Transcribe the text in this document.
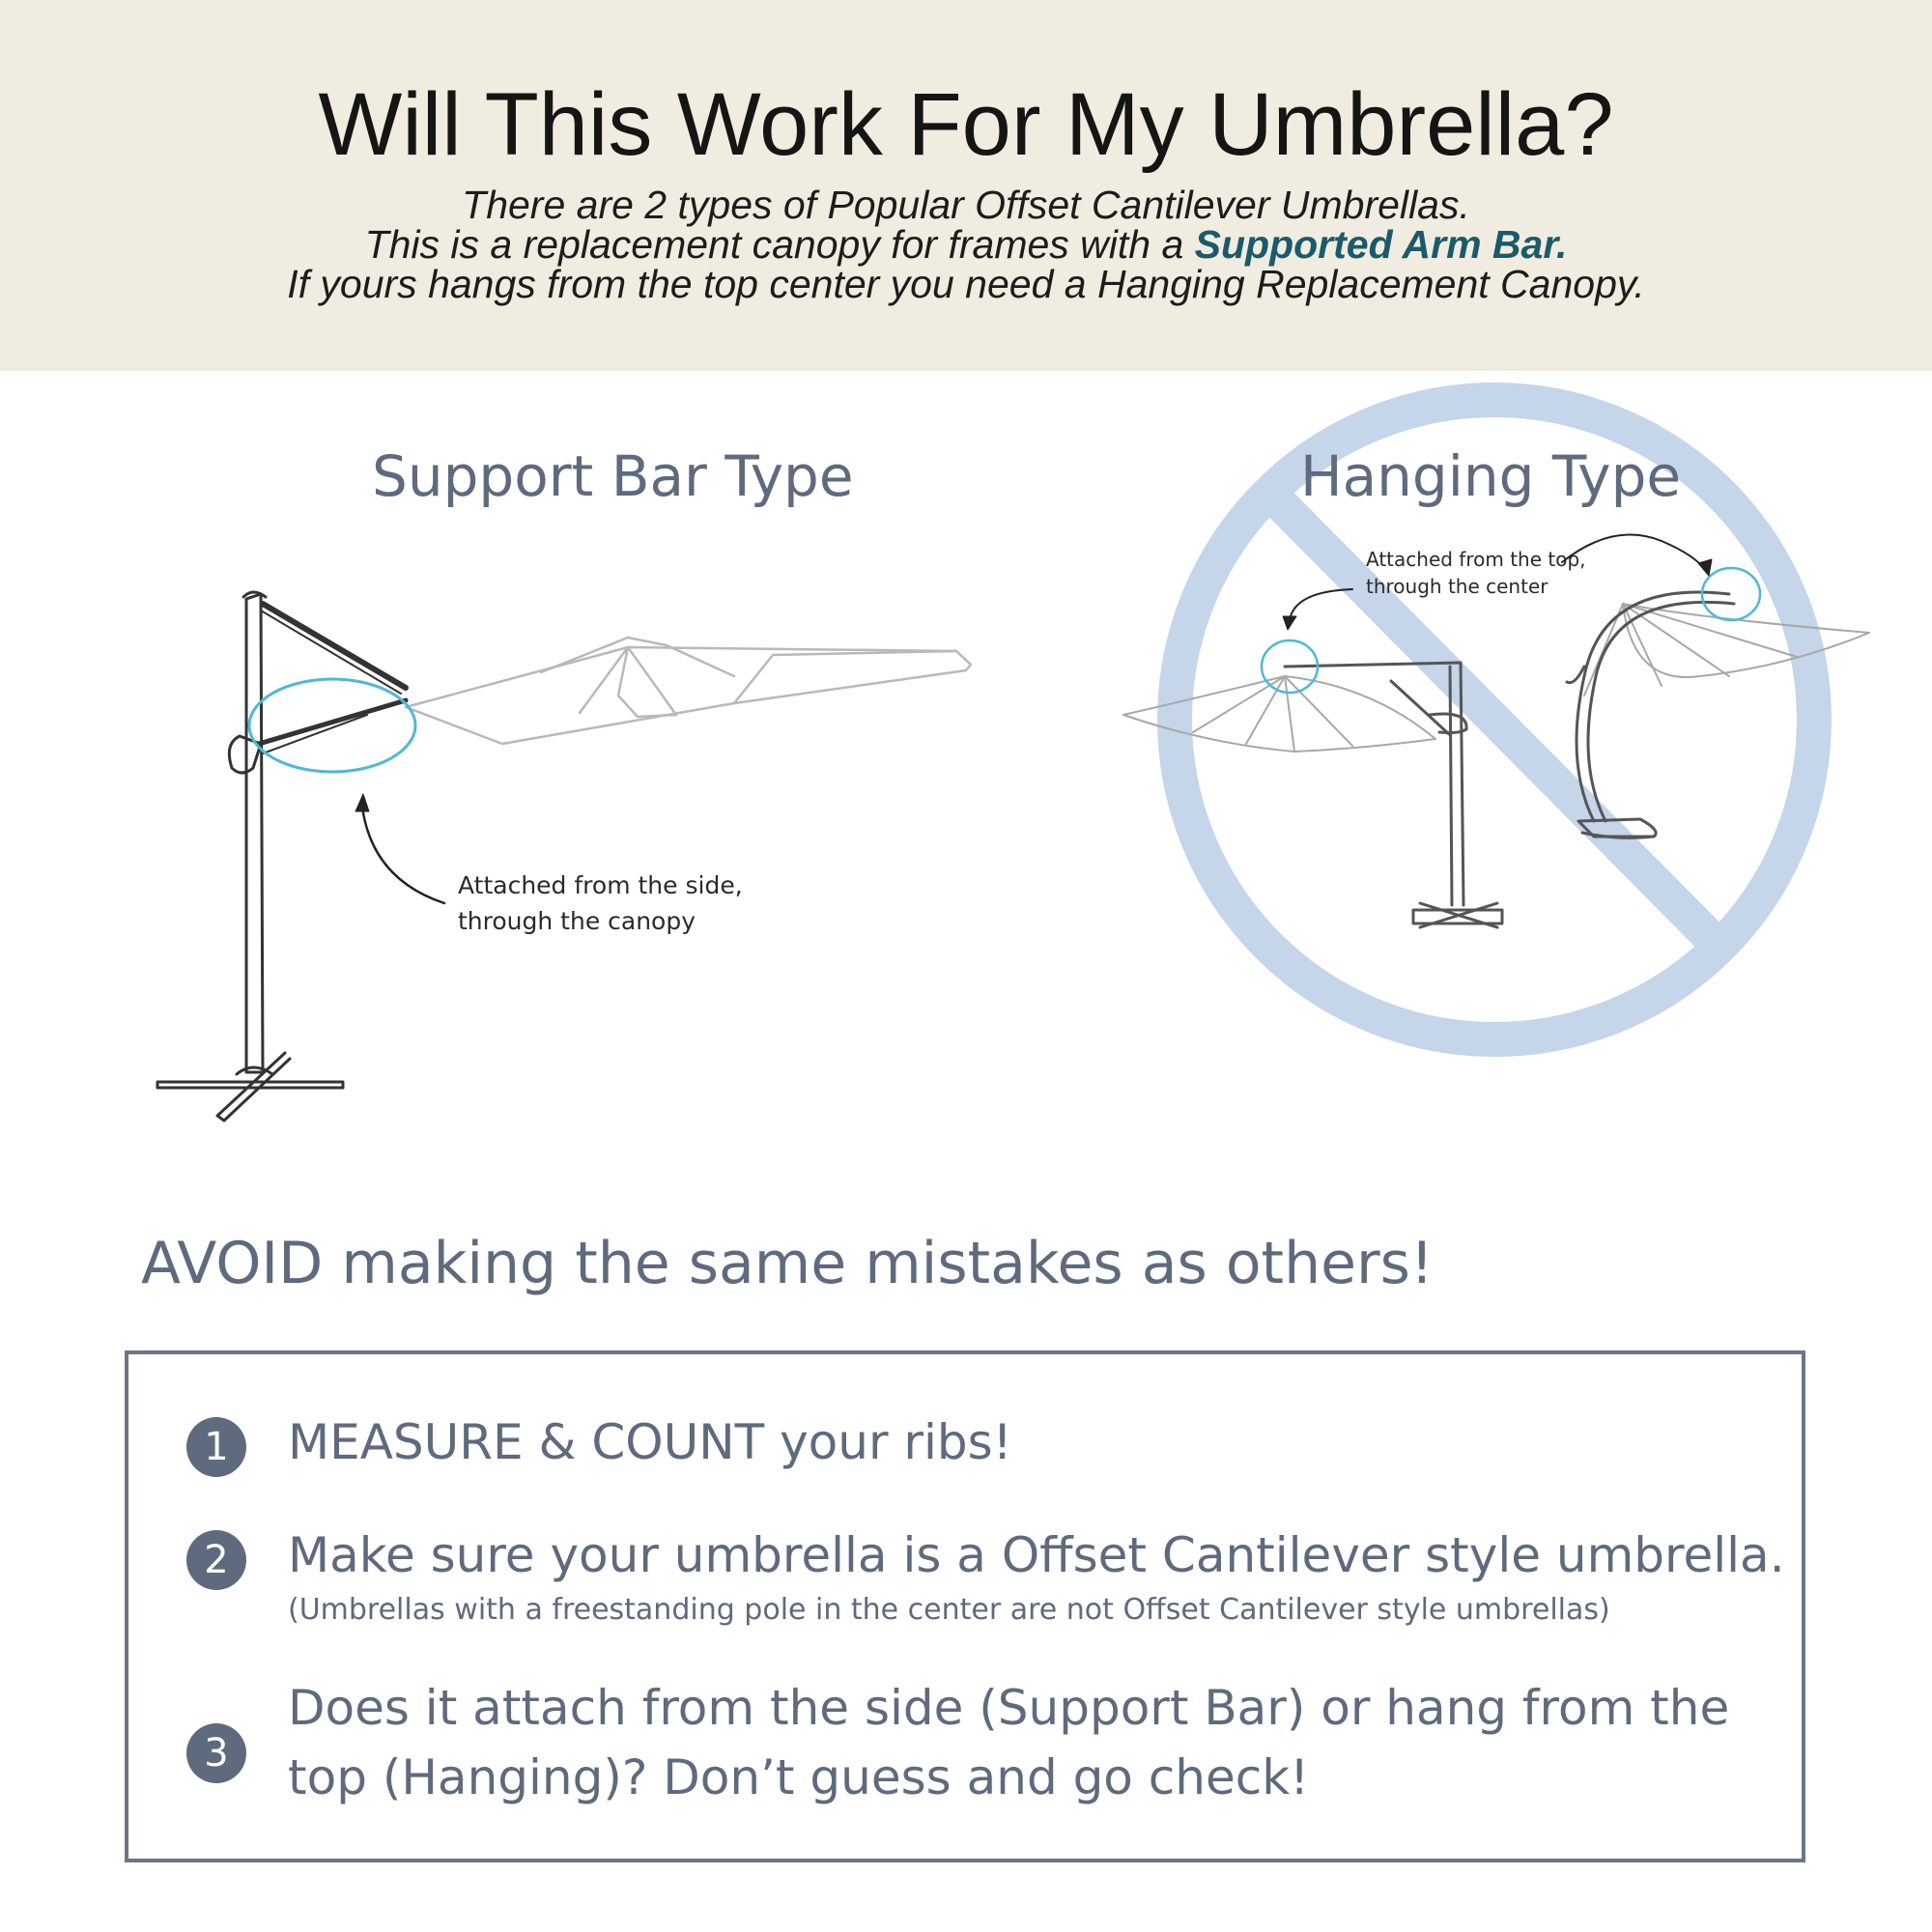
Will This Work For My Umbrella?
There are 2 types of Popular Offset Cantilever Umbrellas.
This is a replacement canopy for frames with a Supported Arm Bar.
If yours hangs from the top center you need a Hanging Replacement Canopy.
Support Bar Type	Hanging Type
Attached from the side,
through the canopy
Attached from the top,
through the center
AVOID making the same mistakes as others!
1	MEASURE & COUNT your ribs!
2	Make sure your umbrella is a Offset Cantilever style umbrella.
(Umbrellas with a freestanding pole in the center are not Offset Cantilever style umbrellas)
3
Does it attach from the side (Support Bar) or hang from the
top (Hanging)? Don’t guess and go check!
